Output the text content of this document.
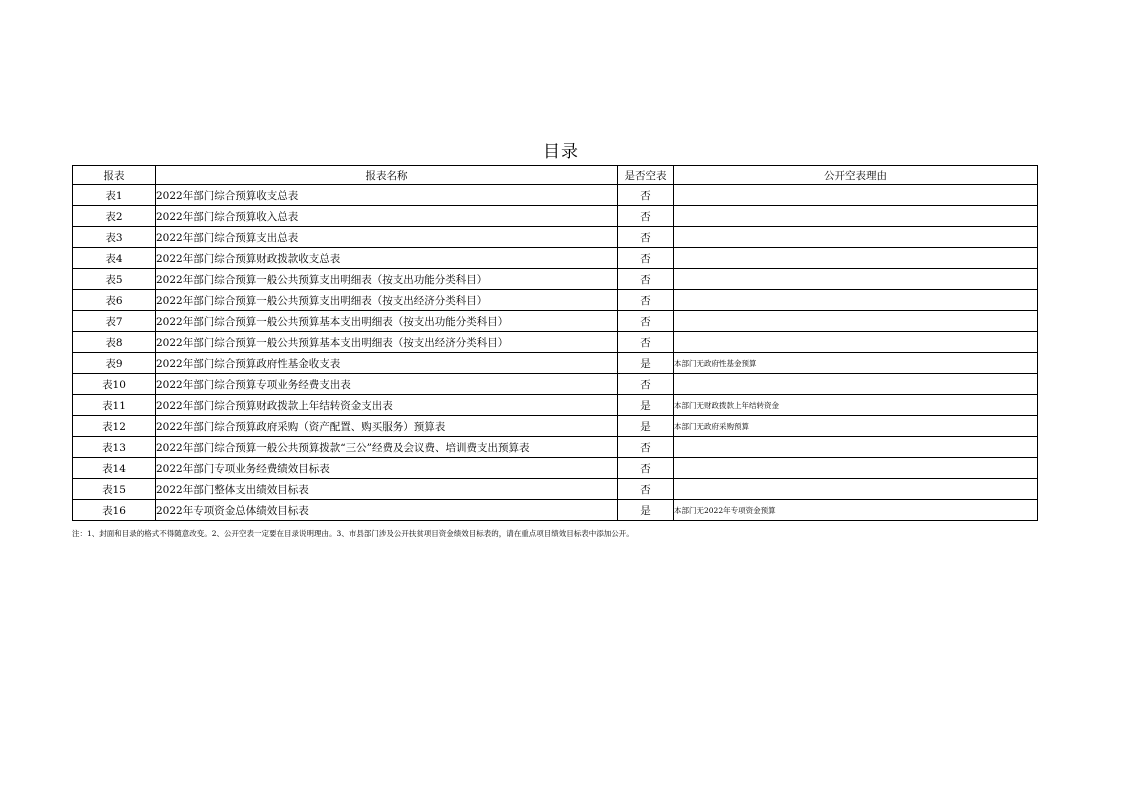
目录
报表	报表名称	是否空表	公开空表理由
表1	2022年部门综合预算收支总表	否	
表2	2022年部门综合预算收入总表	否	
表3	2022年部门综合预算支出总表	否	
表4	2022年部门综合预算财政拨款收支总表	否	
表5	2022年部门综合预算一般公共预算支出明细表（按支出功能分类科目）	否	
表6	2022年部门综合预算一般公共预算支出明细表（按支出经济分类科目）	否	
表7	2022年部门综合预算一般公共预算基本支出明细表（按支出功能分类科目）	否	
表8	2022年部门综合预算一般公共预算基本支出明细表（按支出经济分类科目）	否	
表9	2022年部门综合预算政府性基金收支表	是	本部门无政府性基金预算
表10	2022年部门综合预算专项业务经费支出表	否	
表11	2022年部门综合预算财政拨款上年结转资金支出表	是	本部门无财政拨款上年结转资金
表12	2022年部门综合预算政府采购（资产配置、购买服务）预算表	是	本部门无政府采购预算
表13	2022年部门综合预算一般公共预算拨款“三公”经费及会议费、培训费支出预算表	否	
表14	2022年部门专项业务经费绩效目标表	否	
表15	2022年部门整体支出绩效目标表	否	
表16	2022年专项资金总体绩效目标表	是	本部门无2022年专项资金预算
注：1、封面和目录的格式不得随意改变。2、公开空表一定要在目录说明理由。3、市县部门涉及公开扶贫项目资金绩效目标表的，请在重点项目绩效目标表中添加公开。
